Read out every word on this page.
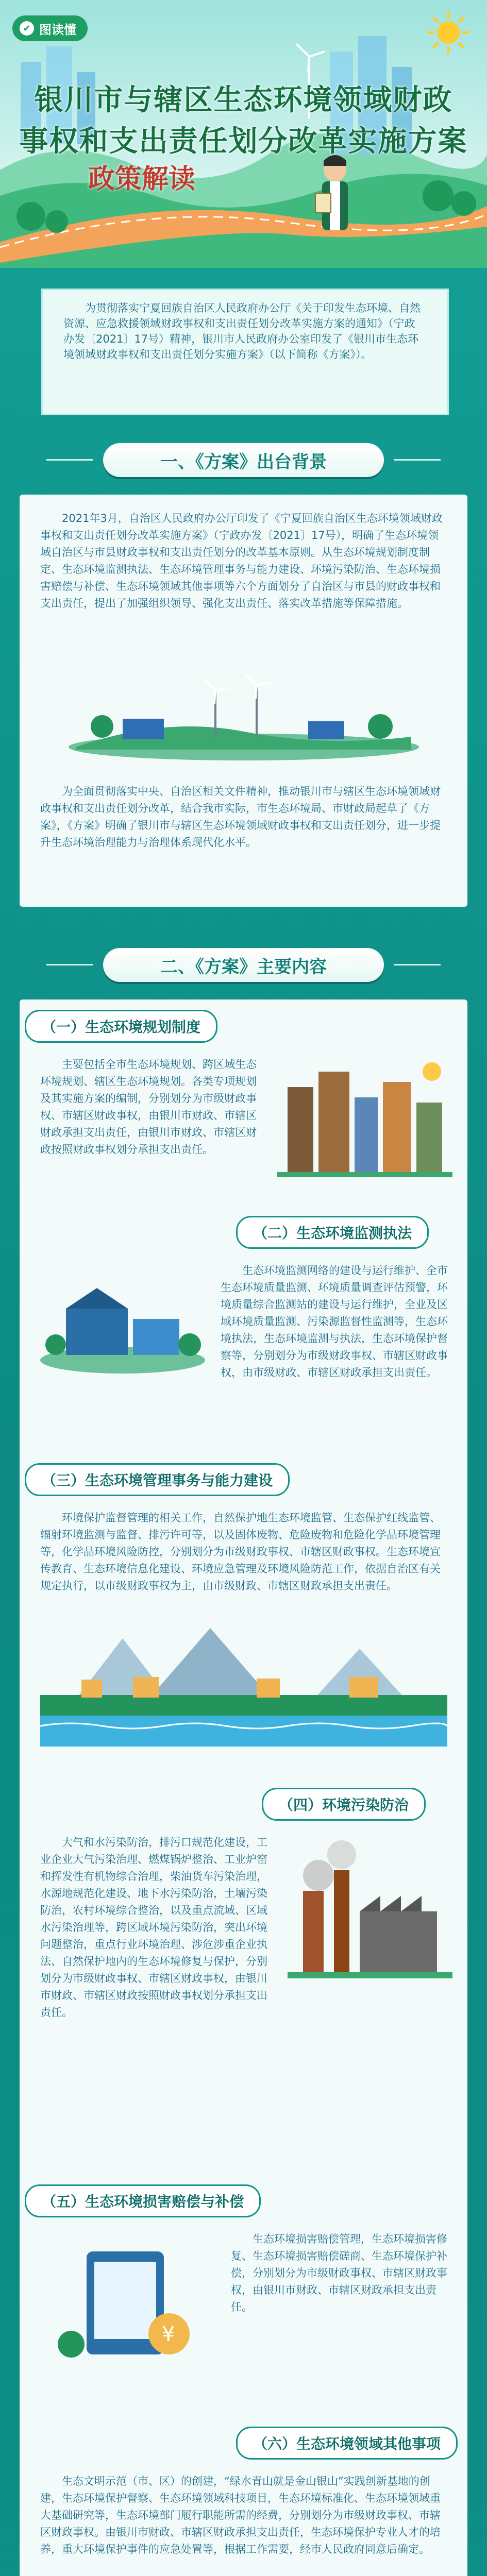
✔ 图读懂
银川市与辖区生态环境领域财政
事权和支出责任划分改革实施方案
政策解读
为贯彻落实宁夏回族自治区人民政府办公厅《关于印发生态环境、自然资源、应急救援领域财政事权和支出责任划分改革实施方案的通知》（宁政办发〔2021〕17号）精神，银川市人民政府办公室印发了《银川市生态环境领域财政事权和支出责任划分实施方案》（以下简称《方案》）。
一、《方案》出台背景
2021年3月，自治区人民政府办公厅印发了《宁夏回族自治区生态环境领域财政事权和支出责任划分改革实施方案》（宁政办发〔2021〕17号），明确了生态环境领域自治区与市县财政事权和支出责任划分的改革基本原则。从生态环境规划制度制定、生态环境监测执法、生态环境管理事务与能力建设、环境污染防治、生态环境损害赔偿与补偿、生态环境领域其他事项等六个方面划分了自治区与市县的财政事权和支出责任，提出了加强组织领导、强化支出责任、落实改革措施等保障措施。
为全面贯彻落实中央、自治区相关文件精神，推动银川市与辖区生态环境领域财政事权和支出责任划分改革，结合我市实际，市生态环境局、市财政局起草了《方案》，《方案》明确了银川市与辖区生态环境领域财政事权和支出责任划分，进一步提升生态环境治理能力与治理体系现代化水平。
二、《方案》主要内容
（一）生态环境规划制度
主要包括全市生态环境规划、跨区域生态环境规划、辖区生态环境规划。各类专项规划及其实施方案的编制，分别划分为市级财政事权、市辖区财政事权，由银川市财政、市辖区财政承担支出责任，由银川市财政、市辖区财政按照财政事权划分承担支出责任。
（二）生态环境监测执法
生态环境监测网络的建设与运行维护、全市生态环境质量监测、环境质量调查评估预警，环境质量综合监测站的建设与运行维护，全业及区域环境质量监测、污染源监督性监测等，生态环境执法，生态环境监测与执法，生态环境保护督察等，分别划分为市级财政事权、市辖区财政事权，由市级财政、市辖区财政承担支出责任。
（三）生态环境管理事务与能力建设
环境保护监督管理的相关工作，自然保护地生态环境监管、生态保护红线监管、辐射环境监测与监督、排污许可等，以及固体废物、危险废物和危险化学品环境管理等，化学品环境风险防控，分别划分为市级财政事权、市辖区财政事权。生态环境宣传教育、生态环境信息化建设、环境应急管理及环境风险防范工作，依据自治区有关规定执行，以市级财政事权为主，由市级财政、市辖区财政承担支出责任。
（四）环境污染防治
大气和水污染防治，排污口规范化建设，工业企业大气污染治理、燃煤锅炉整治、工业炉窑和挥发性有机物综合治理，柴油货车污染治理，水源地规范化建设、地下水污染防治，土壤污染防治，农村环境综合整治，以及重点流域、区域水污染治理等，跨区域环境污染防治，突出环境问题整治，重点行业环境治理、涉危涉重企业执法、自然保护地内的生态环境修复与保护，分别划分为市级财政事权、市辖区财政事权，由银川市财政、市辖区财政按照财政事权划分承担支出责任。
（五）生态环境损害赔偿与补偿
¥
生态环境损害赔偿管理，生态环境损害修复、生态环境损害赔偿磋商、生态环境保护补偿，分别划分为市级财政事权、市辖区财政事权，由银川市财政、市辖区财政承担支出责任。
（六）生态环境领域其他事项
生态文明示范（市、区）的创建，“绿水青山就是金山银山”实践创新基地的创建，生态环境保护督察、生态环境领域科技项目，生态环境标准化、生态环境领域重大基础研究等，生态环境部门履行职能所需的经费，分别划分为市级财政事权、市辖区财政事权。由银川市财政、市辖区财政承担支出责任，生态环境保护专业人才的培养，重大环境保护事件的应急处置等，根据工作需要，经市人民政府同意后确定。
